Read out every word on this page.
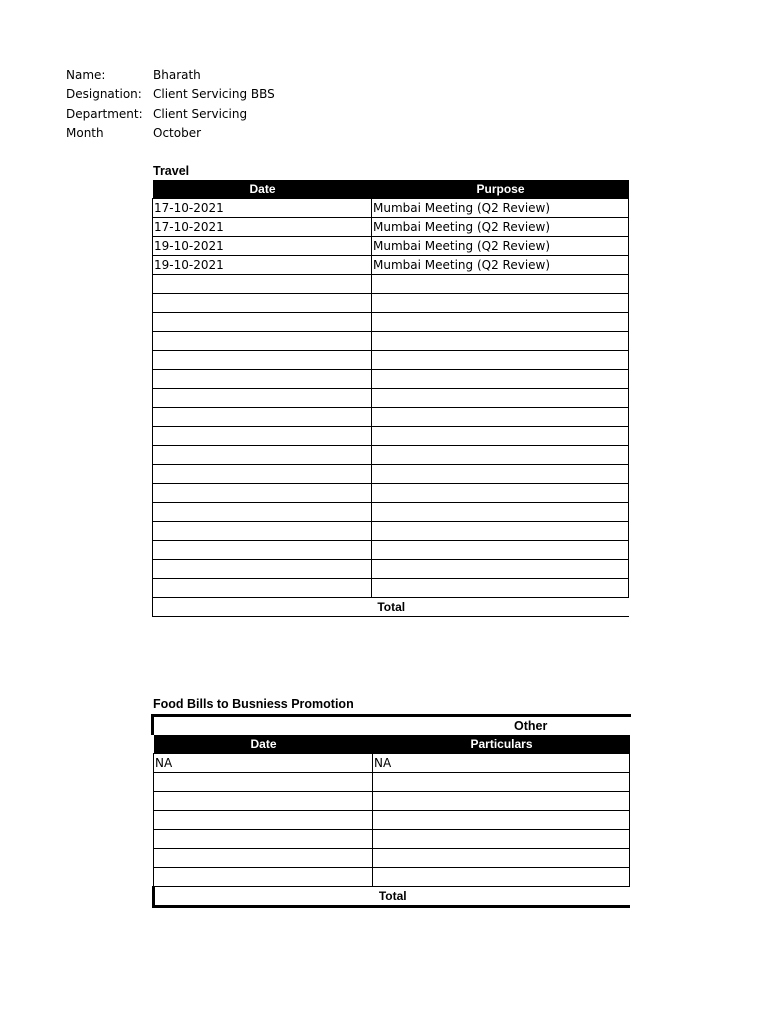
Name:	Bharath
Designation: Client Servicing BBS
Department: Client Servicing
Month	October
Travel
Date	Purpose
17-10-2021	Mumbai Meeting (Q2 Review)
17-10-2021	Mumbai Meeting (Q2 Review)
19-10-2021	Mumbai Meeting (Q2 Review)
19-10-2021	Mumbai Meeting (Q2 Review)

Total	
Food Bills to Busniess Promotion
Other
Date	Particulars
NA	NA

Total	
